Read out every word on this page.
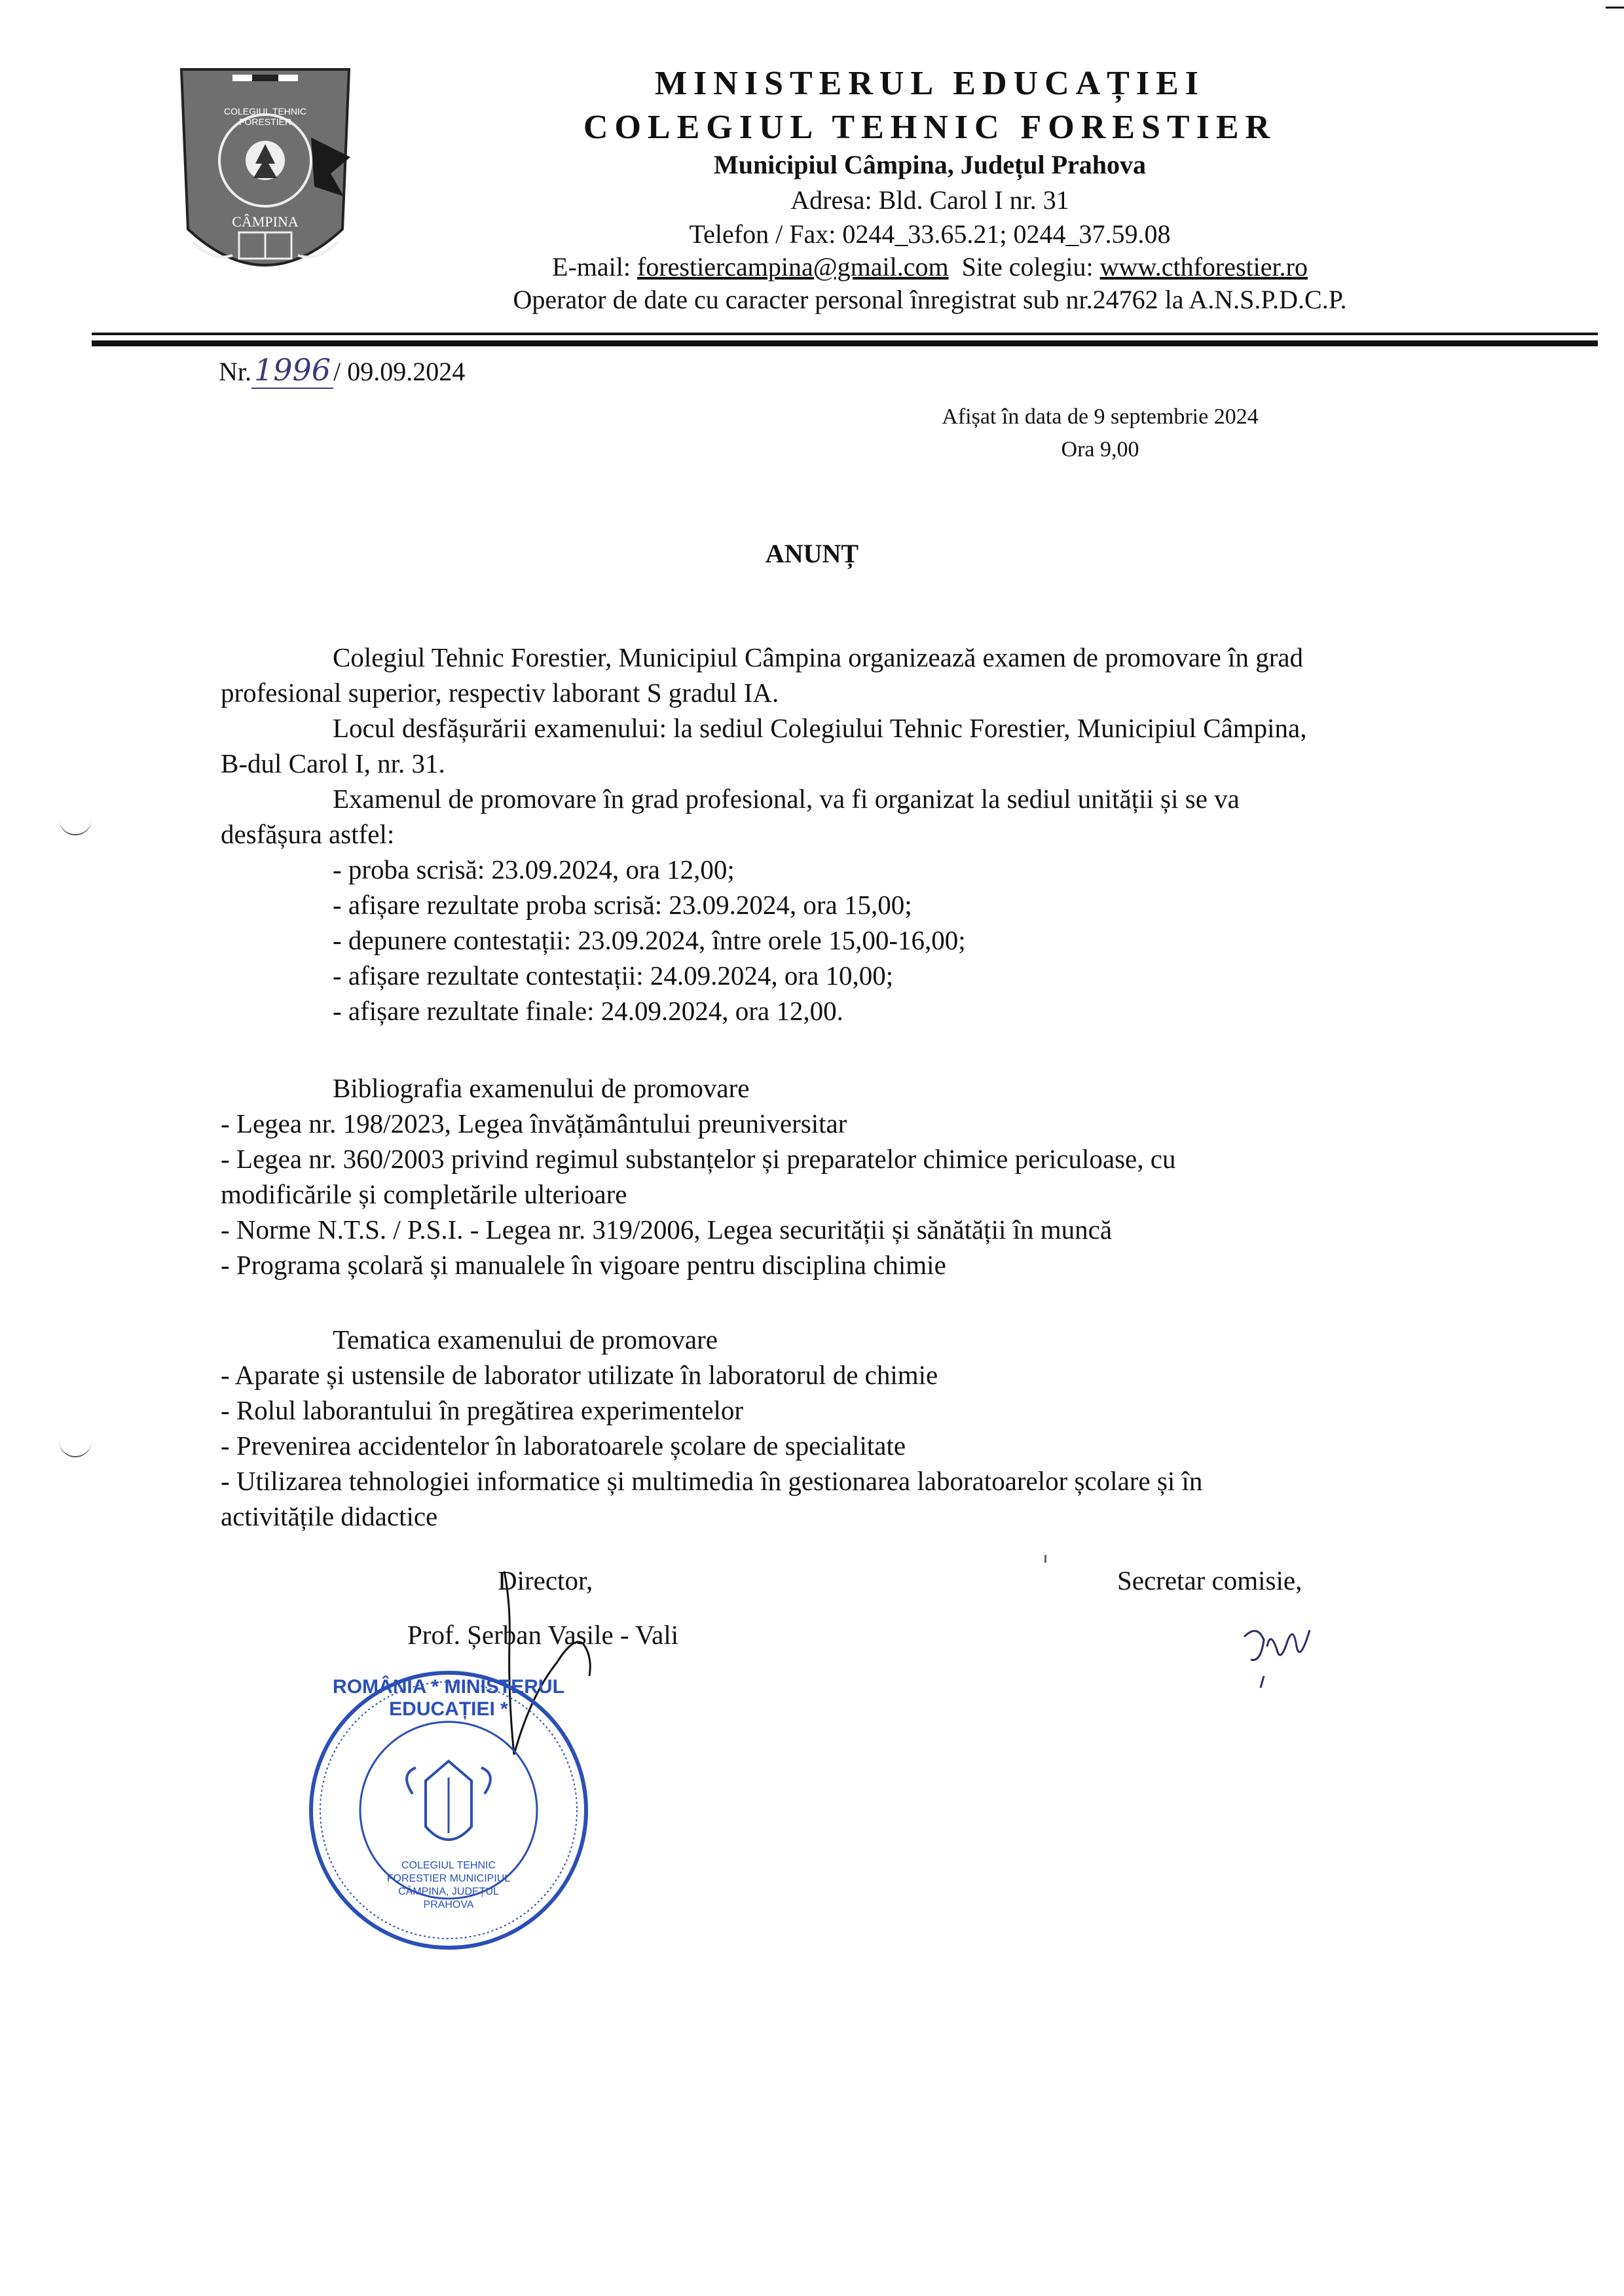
COLEGIUL TEHNIC FORESTIER
CÂMPINA
MINISTERUL EDUCAȚIEI
COLEGIUL TEHNIC FORESTIER
Municipiul Câmpina, Județul Prahova
Adresa: Bld. Carol I nr. 31
Telefon / Fax: 0244_33.65.21; 0244_37.59.08
E-mail: forestiercampina@gmail.com  Site colegiu: www.cthforestier.ro
Operator de date cu caracter personal înregistrat sub nr.24762 la A.N.S.P.D.C.P.
Nr.1996 / 09.09.2024
Afișat în data de 9 septembrie 2024
Ora 9,00
ANUNȚ
Colegiul Tehnic Forestier, Municipiul Câmpina organizează examen de promovare în grad
profesional superior, respectiv laborant S gradul IA.
Locul desfășurării examenului: la sediul Colegiului Tehnic Forestier, Municipiul Câmpina,
B-dul Carol I, nr. 31.
Examenul de promovare în grad profesional, va fi organizat la sediul unității și se va
desfășura astfel:
- proba scrisă: 23.09.2024, ora 12,00;
- afișare rezultate proba scrisă: 23.09.2024, ora 15,00;
- depunere contestații: 23.09.2024, între orele 15,00-16,00;
- afișare rezultate contestații: 24.09.2024, ora 10,00;
- afișare rezultate finale: 24.09.2024, ora 12,00.
Bibliografia examenului de promovare
- Legea nr. 198/2023, Legea învățământului preuniversitar
- Legea nr. 360/2003 privind regimul substanțelor și preparatelor chimice periculoase, cu
modificările și completările ulterioare
- Norme N.T.S. / P.S.I. - Legea nr. 319/2006, Legea securității și sănătății în muncă
- Programa școlară și manualele în vigoare pentru disciplina chimie
Tematica examenului de promovare
- Aparate și ustensile de laborator utilizate în laboratorul de chimie
- Rolul laborantului în pregătirea experimentelor
- Prevenirea accidentelor în laboratoarele școlare de specialitate
- Utilizarea tehnologiei informatice și multimedia în gestionarea laboratoarelor școlare și în
activitățile didactice
Director,
Prof. Șerban Vasile - Vali
Secretar comisie,
ROMÂNIA * MINISTERUL EDUCAȚIEI *
COLEGIUL TEHNIC FORESTIER MUNICIPIUL CÂMPINA, JUDEȚUL PRAHOVA
